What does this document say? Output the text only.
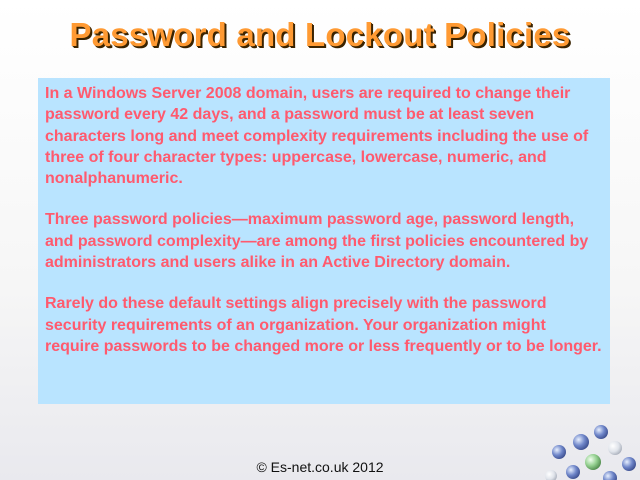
Password and Lockout Policies

In a Windows Server 2008 domain, users are required to change their password every 42 days, and a password must be at least seven characters long and meet complexity requirements including the use of three of four character types: uppercase, lowercase, numeric, and nonalphanumeric.

Three password policies—maximum password age, password length, and password complexity—are among the first policies encountered by administrators and users alike in an Active Directory domain.

Rarely do these default settings align precisely with the password security requirements of an organization. Your organization might require passwords to be changed more or less frequently or to be longer.

© Es-net.co.uk 2012
